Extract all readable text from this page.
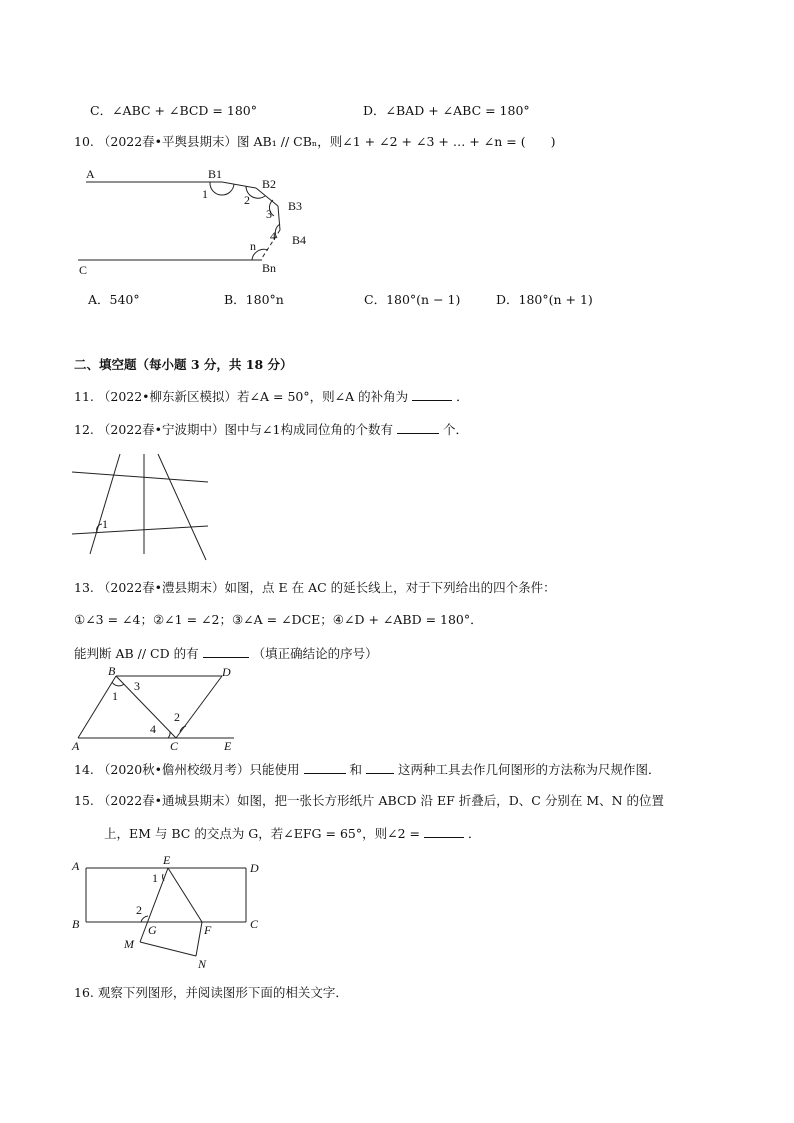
C．∠ABC + ∠BCD = 180°	D．∠BAD + ∠ABC = 180°
10. （2022春•平舆县期末）图 AB₁ // CBₙ，则∠1 + ∠2 + ∠3 + … + ∠n = (　　)
A	B1
B2
B3
B4
C	Bn
1	2
3
4
n
A．540°	B．180°n	C．180°(n − 1)	D．180°(n + 1)
二、填空题（每小题 3 分，共 18 分）
11. （2022•柳东新区模拟）若∠A = 50°，则∠A 的补角为	．
12. （2022春•宁波期中）图中与∠1构成同位角的个数有	个．
1
13. （2022春•澧县期末）如图，点 E 在 AC 的延长线上，对于下列给出的四个条件：
①∠3 = ∠4；②∠1 = ∠2；③∠A = ∠DCE；④∠D + ∠ABD = 180°．
能判断 AB // CD 的有	（填正确结论的序号）
B	D
3
1
2
4
A	C	E
14. （2020秋•儋州校级月考）只能使用	和	这两种工具去作几何图形的方法称为尺规作图．
15. （2022春•通城县期末）如图，把一张长方形纸片 ABCD 沿 EF 折叠后，D、C 分别在 M、N 的位置
上，EM 与 BC 的交点为 G，若∠EFG = 65°，则∠2 =	．
A	E
D
1
2
B	G	F	C
M
N
16. 观察下列图形，并阅读图形下面的相关文字．
